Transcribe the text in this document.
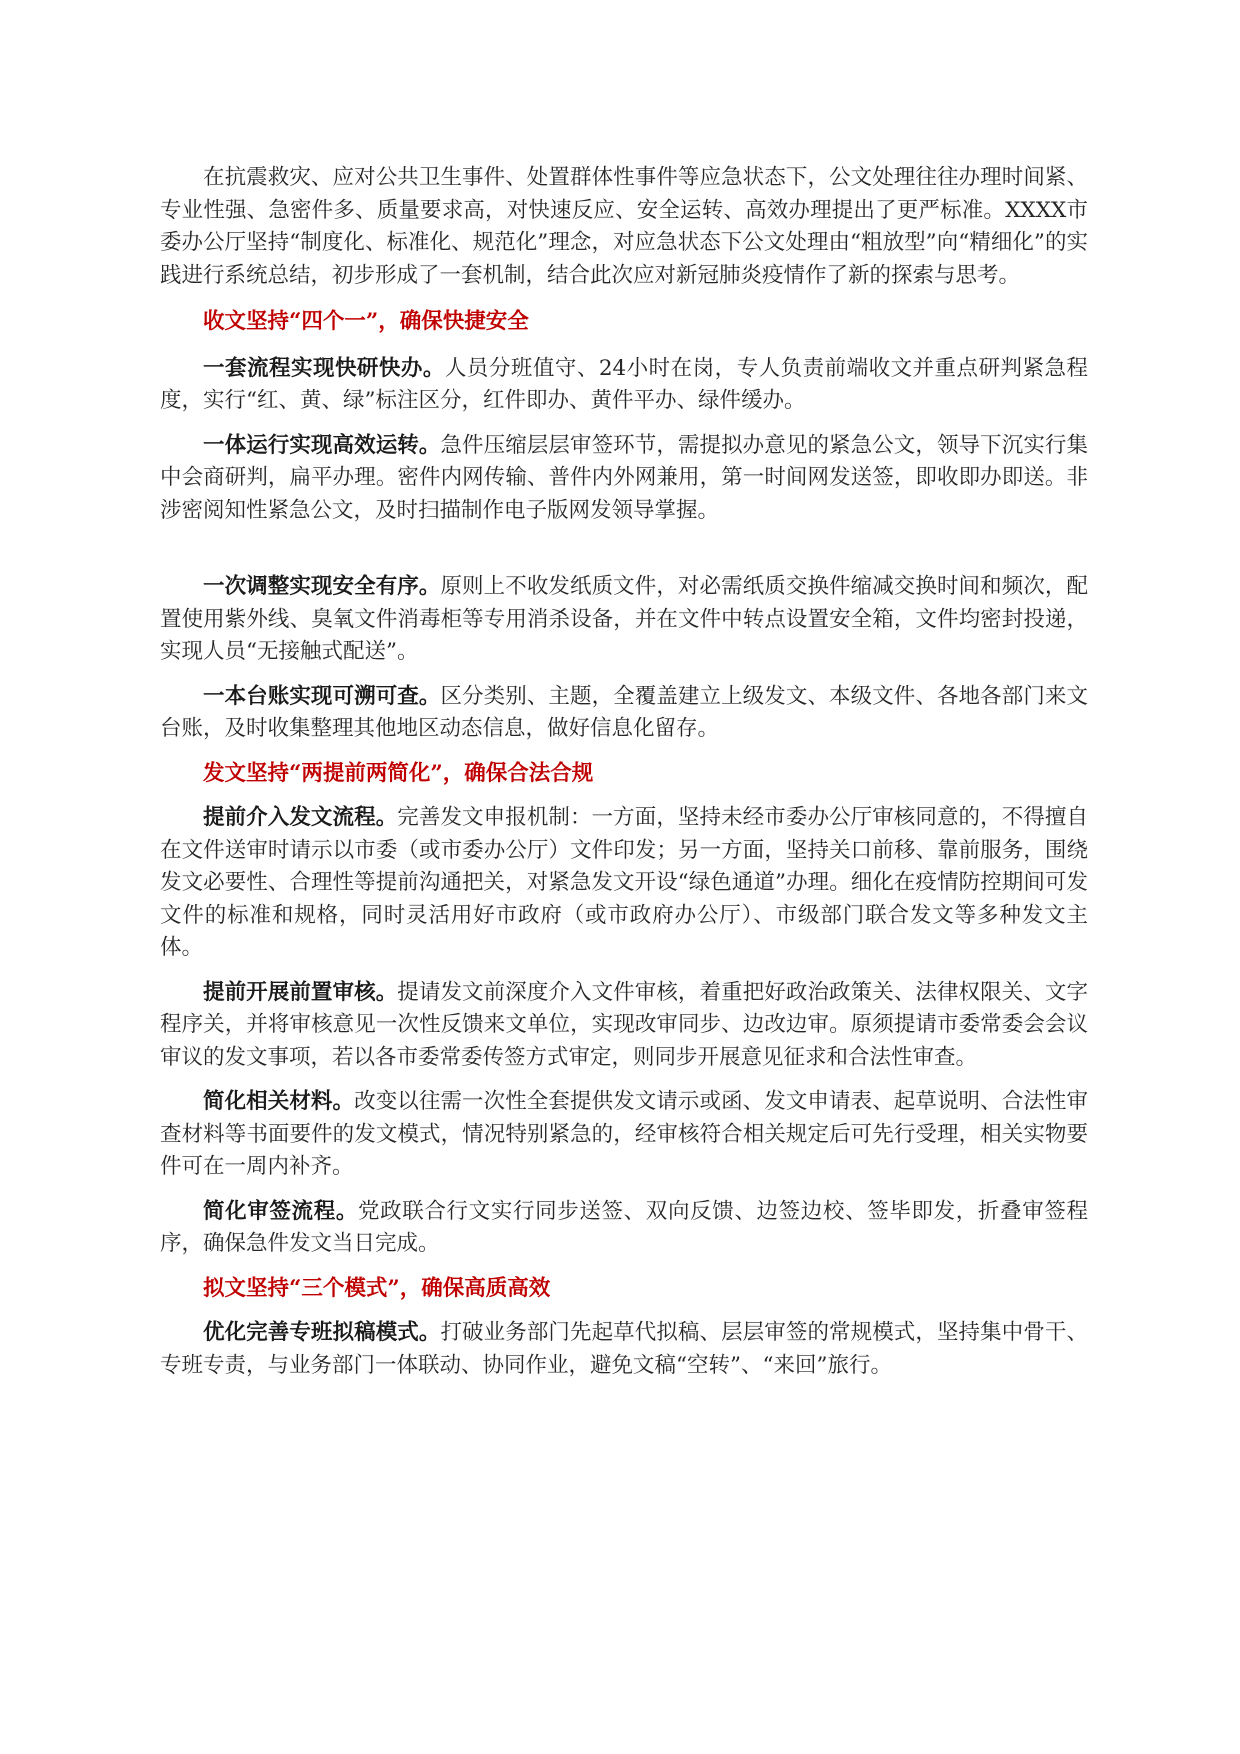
在抗震救灾、应对公共卫生事件、处置群体性事件等应急状态下，公文处理往往办理时间紧、专业性强、急密件多、质量要求高，对快速反应、安全运转、高效办理提出了更严标准。XXXX市委办公厅坚持“制度化、标准化、规范化”理念，对应急状态下公文处理由“粗放型”向“精细化”的实践进行系统总结，初步形成了一套机制，结合此次应对新冠肺炎疫情作了新的探索与思考。

收文坚持“四个一”，确保快捷安全

一套流程实现快研快办。人员分班值守、24小时在岗，专人负责前端收文并重点研判紧急程度，实行“红、黄、绿”标注区分，红件即办、黄件平办、绿件缓办。

一体运行实现高效运转。急件压缩层层审签环节，需提拟办意见的紧急公文，领导下沉实行集中会商研判，扁平办理。密件内网传输、普件内外网兼用，第一时间网发送签，即收即办即送。非涉密阅知性紧急公文，及时扫描制作电子版网发领导掌握。

一次调整实现安全有序。原则上不收发纸质文件，对必需纸质交换件缩减交换时间和频次，配置使用紫外线、臭氧文件消毒柜等专用消杀设备，并在文件中转点设置安全箱，文件均密封投递，实现人员“无接触式配送”。

一本台账实现可溯可查。区分类别、主题，全覆盖建立上级发文、本级文件、各地各部门来文台账，及时收集整理其他地区动态信息，做好信息化留存。

发文坚持“两提前两简化”，确保合法合规

提前介入发文流程。完善发文申报机制：一方面，坚持未经市委办公厅审核同意的，不得擅自在文件送审时请示以市委（或市委办公厅）文件印发；另一方面，坚持关口前移、靠前服务，围绕发文必要性、合理性等提前沟通把关，对紧急发文开设“绿色通道”办理。细化在疫情防控期间可发文件的标准和规格，同时灵活用好市政府（或市政府办公厅）、市级部门联合发文等多种发文主体。

提前开展前置审核。提请发文前深度介入文件审核，着重把好政治政策关、法律权限关、文字程序关，并将审核意见一次性反馈来文单位，实现改审同步、边改边审。原须提请市委常委会会议审议的发文事项，若以各市委常委传签方式审定，则同步开展意见征求和合法性审查。

简化相关材料。改变以往需一次性全套提供发文请示或函、发文申请表、起草说明、合法性审查材料等书面要件的发文模式，情况特别紧急的，经审核符合相关规定后可先行受理，相关实物要件可在一周内补齐。

简化审签流程。党政联合行文实行同步送签、双向反馈、边签边校、签毕即发，折叠审签程序，确保急件发文当日完成。

拟文坚持“三个模式”，确保高质高效

优化完善专班拟稿模式。打破业务部门先起草代拟稿、层层审签的常规模式，坚持集中骨干、专班专责，与业务部门一体联动、协同作业，避免文稿“空转”、“来回”旅行。
